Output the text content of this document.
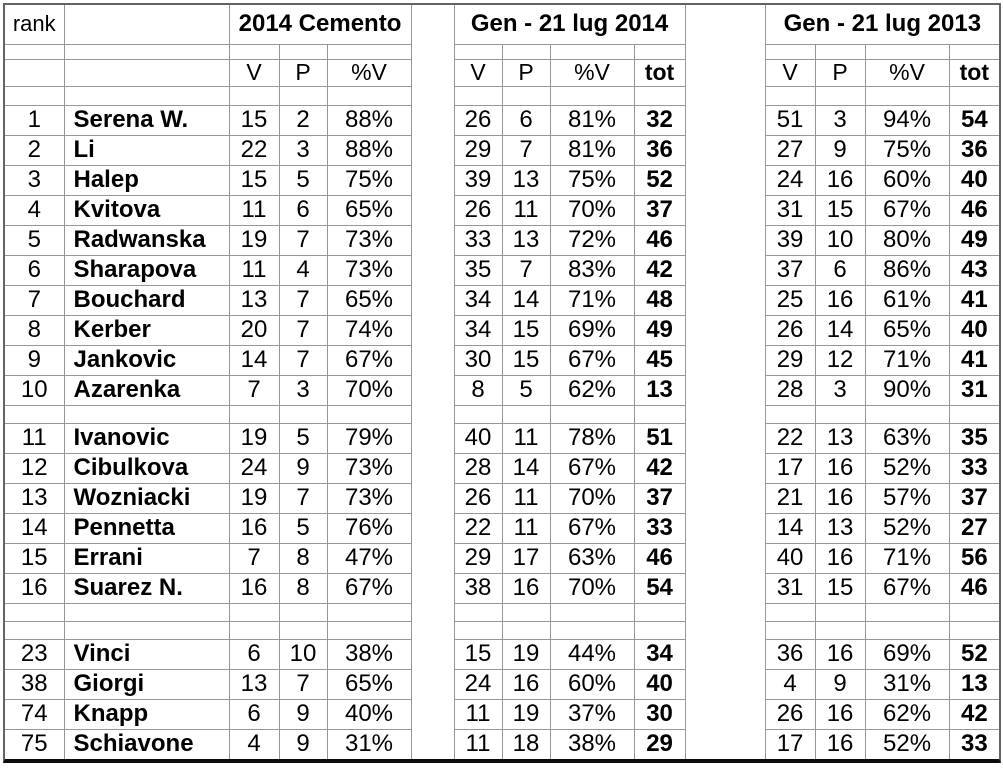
rank		2014 Cemento				Gen - 21 lug 2014					Gen - 21 lug 2013			

		V	P	%V		V	P	%V	tot		V	P	%V	tot

1	Serena W.	15	2	88%		26	6	81%	32		51	3	94%	54
2	Li	22	3	88%		29	7	81%	36		27	9	75%	36
3	Halep	15	5	75%		39	13	75%	52		24	16	60%	40
4	Kvitova	11	6	65%		26	11	70%	37		31	15	67%	46
5	Radwanska	19	7	73%		33	13	72%	46		39	10	80%	49
6	Sharapova	11	4	73%		35	7	83%	42		37	6	86%	43
7	Bouchard	13	7	65%		34	14	71%	48		25	16	61%	41
8	Kerber	20	7	74%		34	15	69%	49		26	14	65%	40
9	Jankovic	14	7	67%		30	15	67%	45		29	12	71%	41
10	Azarenka	7	3	70%		8	5	62%	13		28	3	90%	31

11	Ivanovic	19	5	79%		40	11	78%	51		22	13	63%	35
12	Cibulkova	24	9	73%		28	14	67%	42		17	16	52%	33
13	Wozniacki	19	7	73%		26	11	70%	37		21	16	57%	37
14	Pennetta	16	5	76%		22	11	67%	33		14	13	52%	27
15	Errani	7	8	47%		29	17	63%	46		40	16	71%	56
16	Suarez N.	16	8	67%		38	16	70%	54		31	15	67%	46

23	Vinci	6	10	38%		15	19	44%	34		36	16	69%	52
38	Giorgi	13	7	65%		24	16	60%	40		4	9	31%	13
74	Knapp	6	9	40%		11	19	37%	30		26	16	62%	42
75	Schiavone	4	9	31%		11	18	38%	29		17	16	52%	33
